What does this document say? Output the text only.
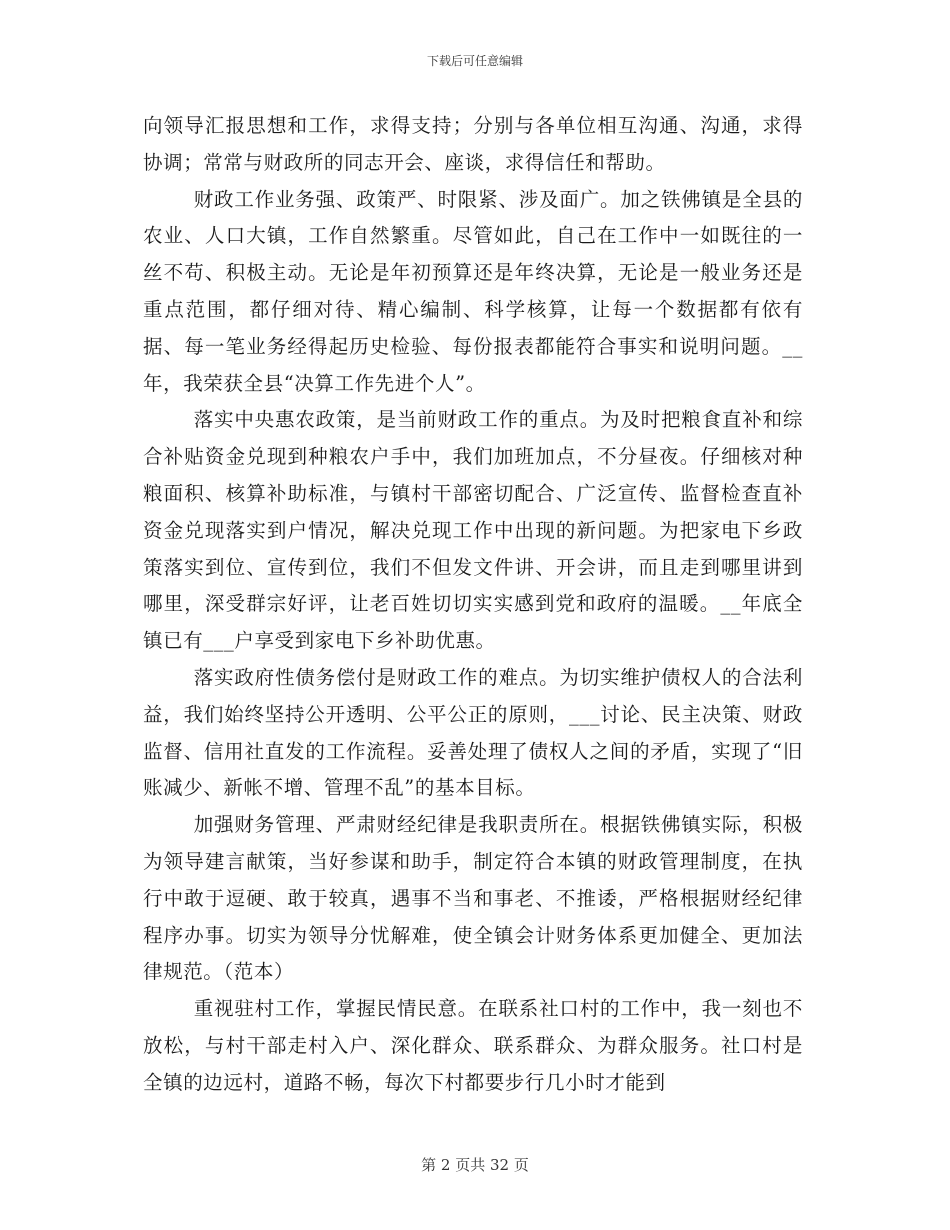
下载后可任意编辑

向领导汇报思想和工作，求得支持；分别与各单位相互沟通、沟通，求得协调；常常与财政所的同志开会、座谈，求得信任和帮助。

财政工作业务强、政策严、时限紧、涉及面广。加之铁佛镇是全县的农业、人口大镇，工作自然繁重。尽管如此，自己在工作中一如既往的一丝不苟、积极主动。无论是年初预算还是年终决算，无论是一般业务还是重点范围，都仔细对待、精心编制、科学核算，让每一个数据都有依有据、每一笔业务经得起历史检验、每份报表都能符合事实和说明问题。__年，我荣获全县“决算工作先进个人”。

落实中央惠农政策，是当前财政工作的重点。为及时把粮食直补和综合补贴资金兑现到种粮农户手中，我们加班加点，不分昼夜。仔细核对种粮面积、核算补助标准，与镇村干部密切配合、广泛宣传、监督检查直补资金兑现落实到户情况，解决兑现工作中出现的新问题。为把家电下乡政策落实到位、宣传到位，我们不但发文件讲、开会讲，而且走到哪里讲到哪里，深受群宗好评，让老百姓切切实实感到党和政府的温暖。__年底全镇已有___户享受到家电下乡补助优惠。

落实政府性债务偿付是财政工作的难点。为切实维护债权人的合法利益，我们始终坚持公开透明、公平公正的原则，___讨论、民主决策、财政监督、信用社直发的工作流程。妥善处理了债权人之间的矛盾，实现了“旧账减少、新帐不增、管理不乱”的基本目标。

加强财务管理、严肃财经纪律是我职责所在。根据铁佛镇实际，积极为领导建言献策，当好参谋和助手，制定符合本镇的财政管理制度，在执行中敢于逗硬、敢于较真，遇事不当和事老、不推诿，严格根据财经纪律程序办事。切实为领导分忧解难，使全镇会计财务体系更加健全、更加法律规范。（范本）

重视驻村工作，掌握民情民意。在联系社口村的工作中，我一刻也不放松，与村干部走村入户、深化群众、联系群众、为群众服务。社口村是全镇的边远村，道路不畅，每次下村都要步行几小时才能到

第 2 页共 32 页
